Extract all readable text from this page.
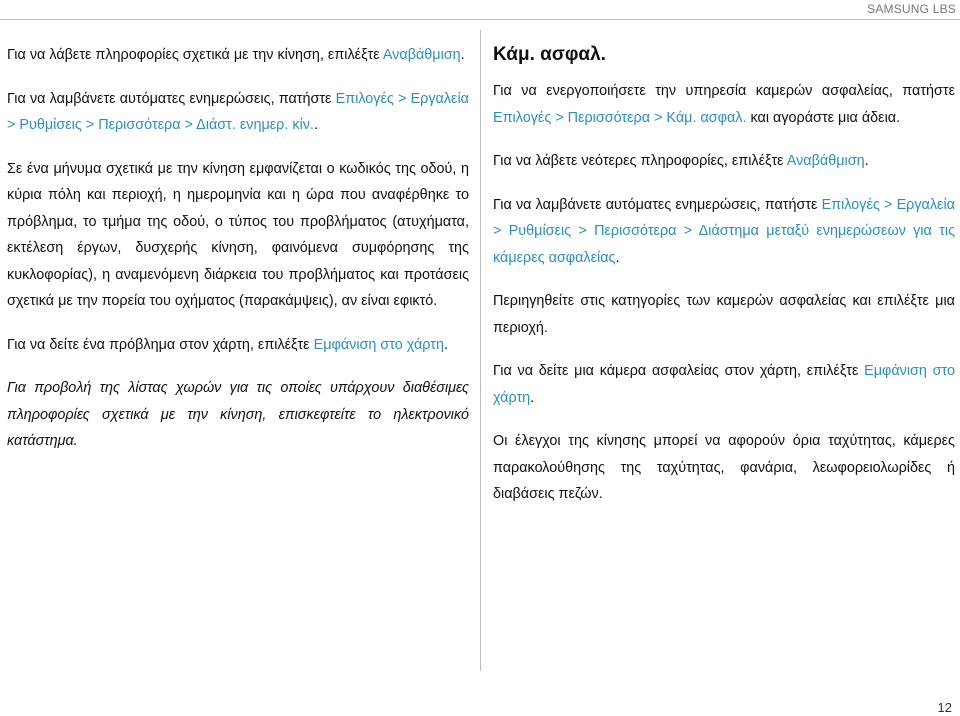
SAMSUNG LBS

Για να λάβετε πληροφορίες σχετικά με την κίνηση, επιλέξτε Αναβάθμιση.

Για να λαμβάνετε αυτόματες ενημερώσεις, πατήστε Επιλογές > Εργαλεία > Ρυθμίσεις > Περισσότερα > Διάστ. ενημερ. κίν..

Σε ένα μήνυμα σχετικά με την κίνηση εμφανίζεται ο κωδικός της οδού, η κύρια πόλη και περιοχή, η ημερομηνία και η ώρα που αναφέρθηκε το πρόβλημα, το τμήμα της οδού, ο τύπος του προβλήματος (ατυχήματα, εκτέλεση έργων, δυσχερής κίνηση, φαινόμενα συμφόρησης της κυκλοφορίας), η αναμενόμενη διάρκεια του προβλήματος και προτάσεις σχετικά με την πορεία του οχήματος (παρακάμψεις), αν είναι εφικτό.

Για να δείτε ένα πρόβλημα στον χάρτη, επιλέξτε Εμφάνιση στο χάρτη.

Για προβολή της λίστας χωρών για τις οποίες υπάρχουν διαθέσιμες πληροφορίες σχετικά με την κίνηση, επισκεφτείτε το ηλεκτρονικό κατάστημα.

Κάμ. ασφαλ.

Για να ενεργοποιήσετε την υπηρεσία καμερών ασφαλείας, πατήστε Επιλογές > Περισσότερα > Κάμ. ασφαλ. και αγοράστε μια άδεια.

Για να λάβετε νεότερες πληροφορίες, επιλέξτε Αναβάθμιση.

Για να λαμβάνετε αυτόματες ενημερώσεις, πατήστε Επιλογές > Εργαλεία > Ρυθμίσεις > Περισσότερα > Διάστημα μεταξύ ενημερώσεων για τις κάμερες ασφαλείας.

Περιηγηθείτε στις κατηγορίες των καμερών ασφαλείας και επιλέξτε μια περιοχή.

Για να δείτε μια κάμερα ασφαλείας στον χάρτη, επιλέξτε Εμφάνιση στο χάρτη.

Οι έλεγχοι της κίνησης μπορεί να αφορούν όρια ταχύτητας, κάμερες παρακολούθησης της ταχύτητας, φανάρια, λεωφορειολωρίδες ή διαβάσεις πεζών.

12
